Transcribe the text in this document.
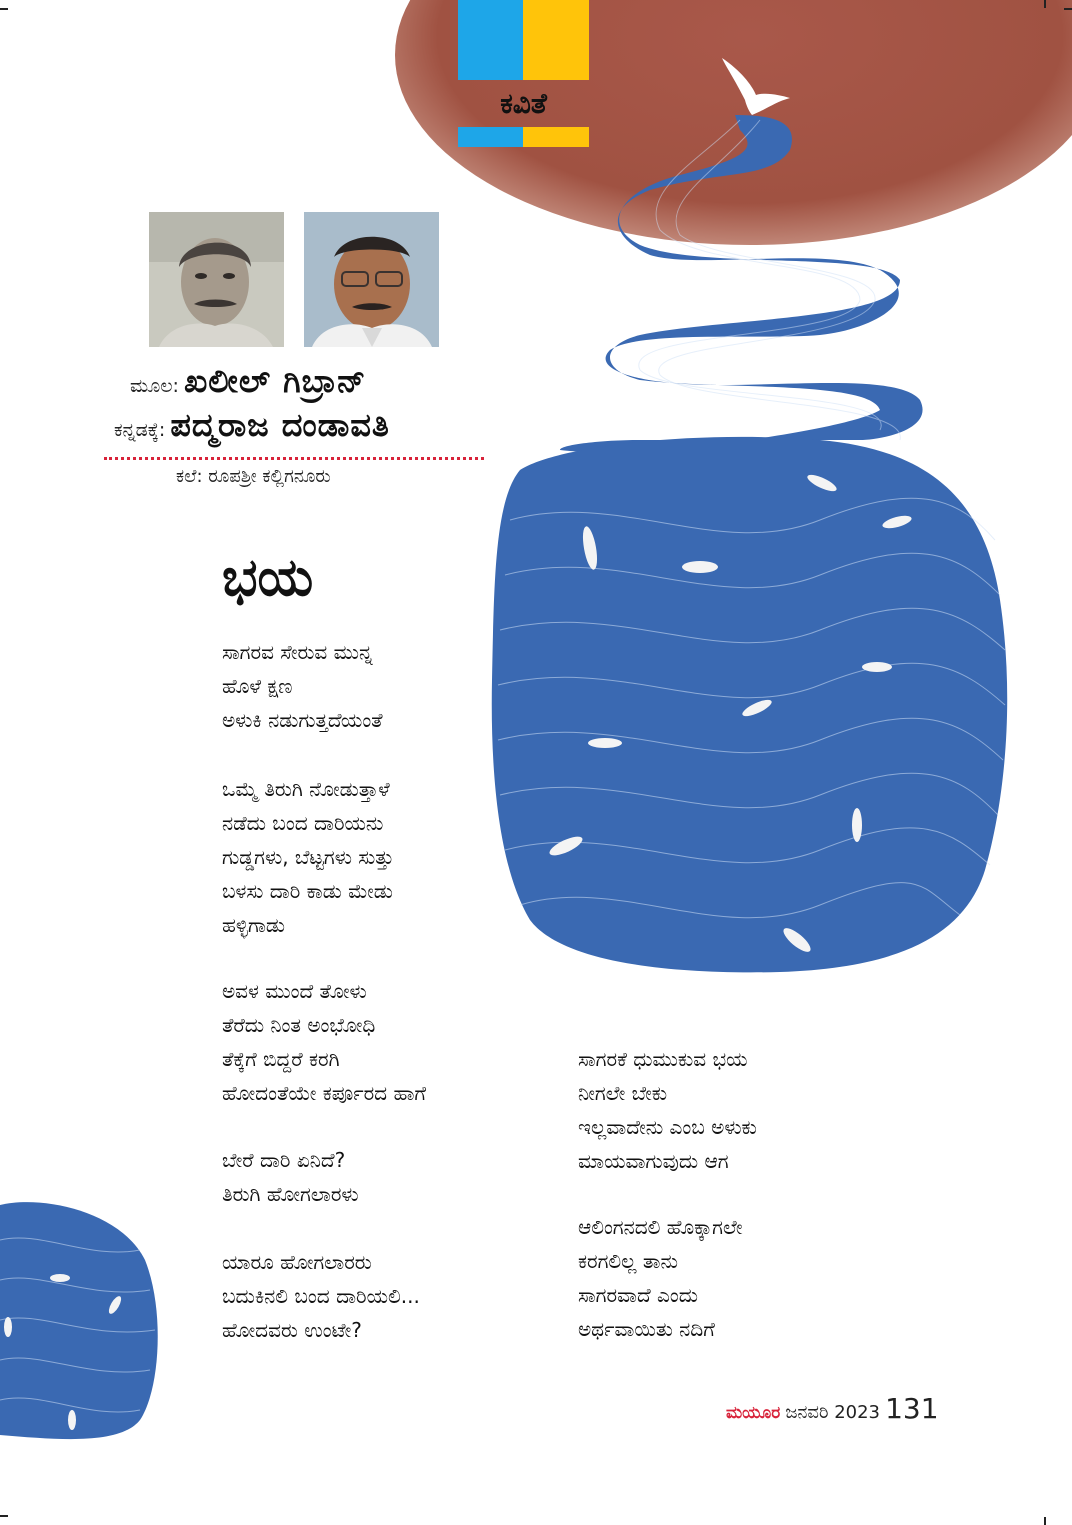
ಕವಿತೆ
ಮೂಲ: ಖಲೀಲ್ ಗಿಬ್ರಾನ್
ಕನ್ನಡಕ್ಕೆ: ಪದ್ಮರಾಜ ದಂಡಾವತಿ
ಕಲೆ: ರೂಪಶ್ರೀ ಕಲ್ಲಿಗನೂರು
ಭಯ
ಸಾಗರವ ಸೇರುವ ಮುನ್ನ
ಹೊಳೆ ಕ್ಷಣ
ಅಳುಕಿ ನಡುಗುತ್ತದೆಯಂತೆ
ಒಮ್ಮೆ ತಿರುಗಿ ನೋಡುತ್ತಾಳೆ
ನಡೆದು ಬಂದ ದಾರಿಯನು
ಗುಡ್ಡಗಳು, ಬೆಟ್ಟಗಳು ಸುತ್ತು
ಬಳಸು ದಾರಿ ಕಾಡು ಮೇಡು
ಹಳ್ಳಿಗಾಡು
ಅವಳ ಮುಂದೆ ತೋಳು
ತೆರೆದು ನಿಂತ ಅಂಭೋಧಿ
ತೆಕ್ಕೆಗೆ ಬಿದ್ದರೆ ಕರಗಿ
ಹೋದಂತೆಯೇ ಕರ್ಪೂರದ ಹಾಗೆ
ಬೇರೆ ದಾರಿ ಏನಿದೆ?
ತಿರುಗಿ ಹೋಗಲಾರಳು
ಯಾರೂ ಹೋಗಲಾರರು
ಬದುಕಿನಲಿ ಬಂದ ದಾರಿಯಲಿ...
ಹೋದವರು ಉಂಟೇ?
ಸಾಗರಕೆ ಧುಮುಕುವ ಭಯ
ನೀಗಲೇ ಬೇಕು
ಇಲ್ಲವಾದೇನು ಎಂಬ ಅಳುಕು
ಮಾಯವಾಗುವುದು ಆಗ
ಆಲಿಂಗನದಲಿ ಹೊಕ್ಕಾಗಲೇ
ಕರಗಲಿಲ್ಲ ತಾನು
ಸಾಗರವಾದೆ ಎಂದು
ಅರ್ಥವಾಯಿತು ನದಿಗೆ
ಮಯೂರ ಜನವರಿ 2023 131
